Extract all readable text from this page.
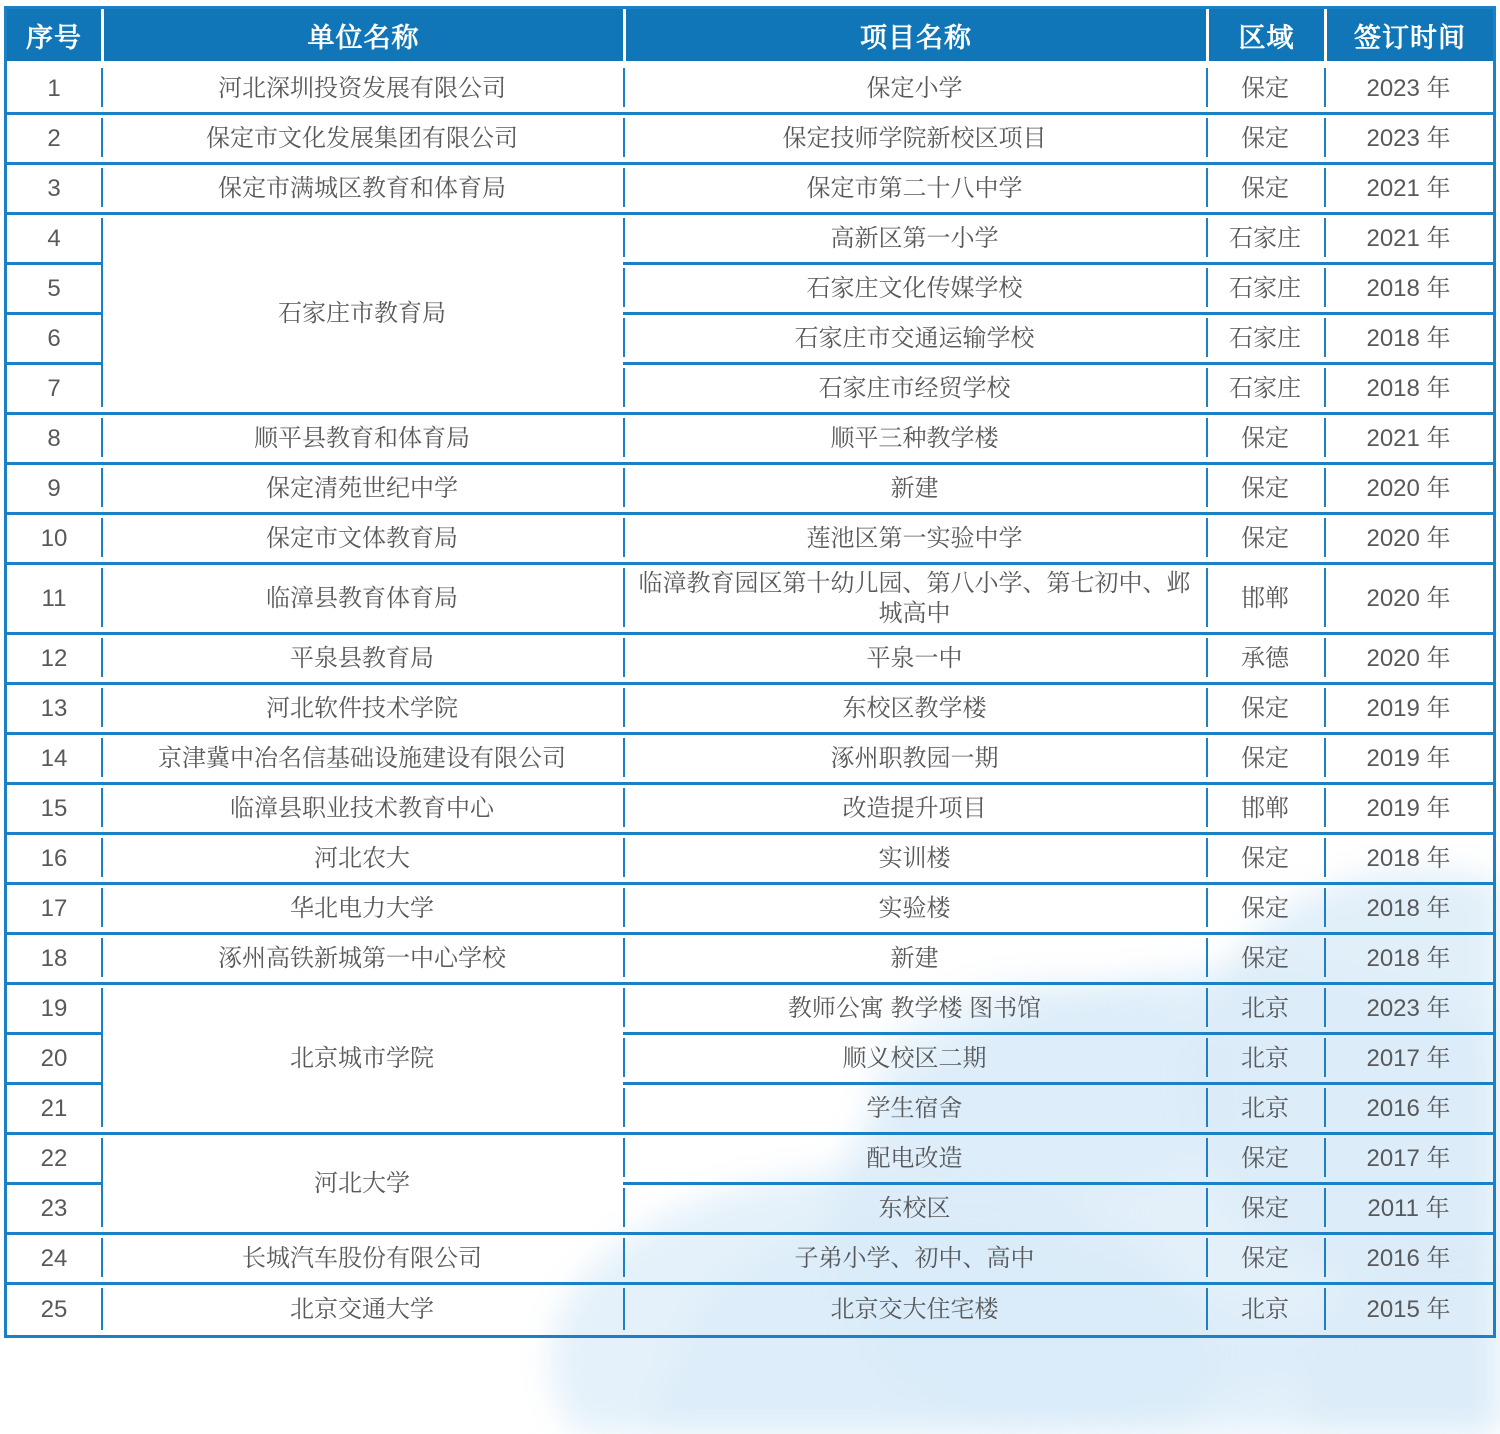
序号	单位名称	项目名称	区域	签订时间
1	河北深圳投资发展有限公司	保定小学	保定	2023 年
2	保定市文化发展集团有限公司	保定技师学院新校区项目	保定	2023 年
3	保定市满城区教育和体育局	保定市第二十八中学	保定	2021 年
4	石家庄市教育局	高新区第一小学	石家庄	2021 年
5		石家庄文化传媒学校	石家庄	2018 年
6		石家庄市交通运输学校	石家庄	2018 年
7		石家庄市经贸学校	石家庄	2018 年
8	顺平县教育和体育局	顺平三种教学楼	保定	2021 年
9	保定清苑世纪中学	新建	保定	2020 年
10	保定市文体教育局	莲池区第一实验中学	保定	2020 年
11	临漳县教育体育局	临漳教育园区第十幼儿园、第八小学、第七初中、邺城高中	邯郸	2020 年
12	平泉县教育局	平泉一中	承德	2020 年
13	河北软件技术学院	东校区教学楼	保定	2019 年
14	京津冀中冶名信基础设施建设有限公司	涿州职教园一期	保定	2019 年
15	临漳县职业技术教育中心	改造提升项目	邯郸	2019 年
16	河北农大	实训楼	保定	2018 年
17	华北电力大学	实验楼	保定	2018 年
18	涿州高铁新城第一中心学校	新建	保定	2018 年
19	北京城市学院	教师公寓 教学楼 图书馆	北京	2023 年
20		顺义校区二期	北京	2017 年
21		学生宿舍	北京	2016 年
22	河北大学	配电改造	保定	2017 年
23		东校区	保定	2011 年
24	长城汽车股份有限公司	子弟小学、初中、高中	保定	2016 年
25	北京交通大学	北京交大住宅楼	北京	2015 年
